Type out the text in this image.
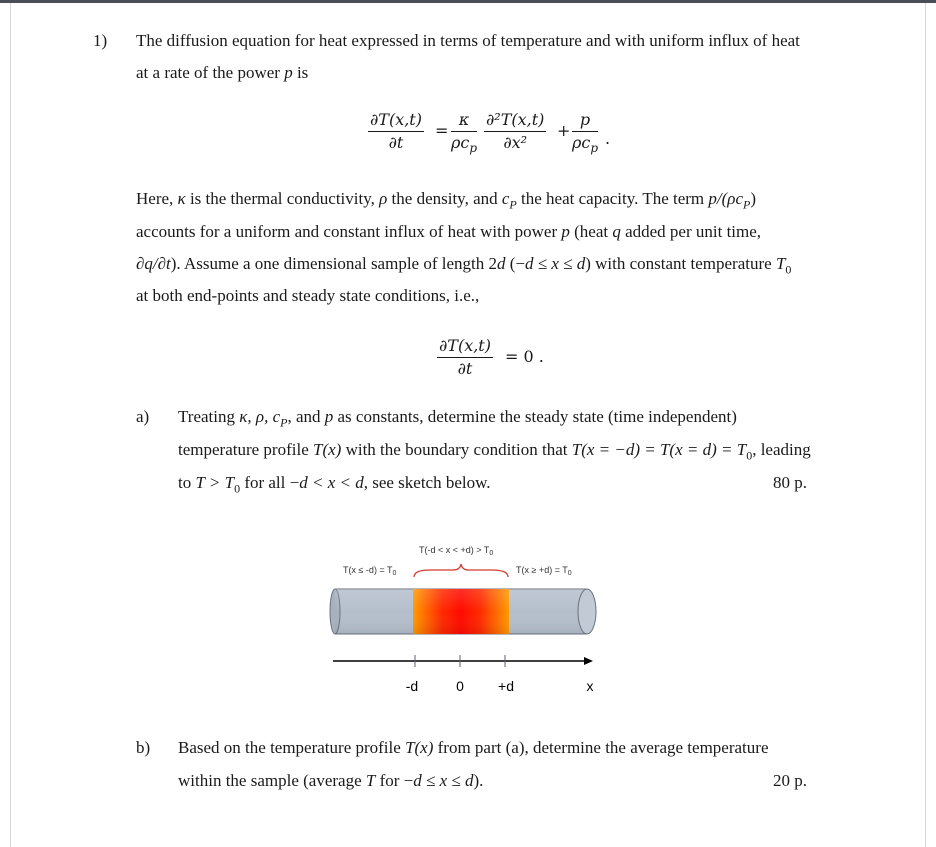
1) The diffusion equation for heat expressed in terms of temperature and with uniform influx of heat
at a rate of the power p is
$\frac{\partial T(x,t)}{\partial t}$ =
κ
$\rho c_p \frac{\text{∂²T(x,t)}}{\text{∂x²}}$ +
p
$\rho c_p$
.
Here, κ is the thermal conductivity, ρ the density, and $c_P$ the heat capacity. The term $p/(\rho c_P)$
accounts for a uniform and constant influx of heat with power p (heat q added per unit time,
∂q/∂t). Assume a one dimensional sample of length 2d (−d ≤ x ≤ d) with constant temperature $T_0$
at both end-points and steady state conditions, i.e.,
$\frac{\partial T(x,t)}{\partial t} = 0$ .
a) Treating κ, ρ, $c_P$, and p as constants, determine the steady state (time independent)
temperature profile T(x) with the boundary condition that $T(x = -d) = T(x = d) = T_0$, leading
to $T > T_0$ for all −d < x < d, see sketch below.	80 p.
$T(x \le -d) = T_0$
$T(-d < x < +d) > T_0$
$T(x \ge +d) = T_0$
-d	0 +d	x
b) Based on the temperature profile T(x) from part (a), determine the average temperature
within the sample (average T for −d ≤ x ≤ d).	20 p.
